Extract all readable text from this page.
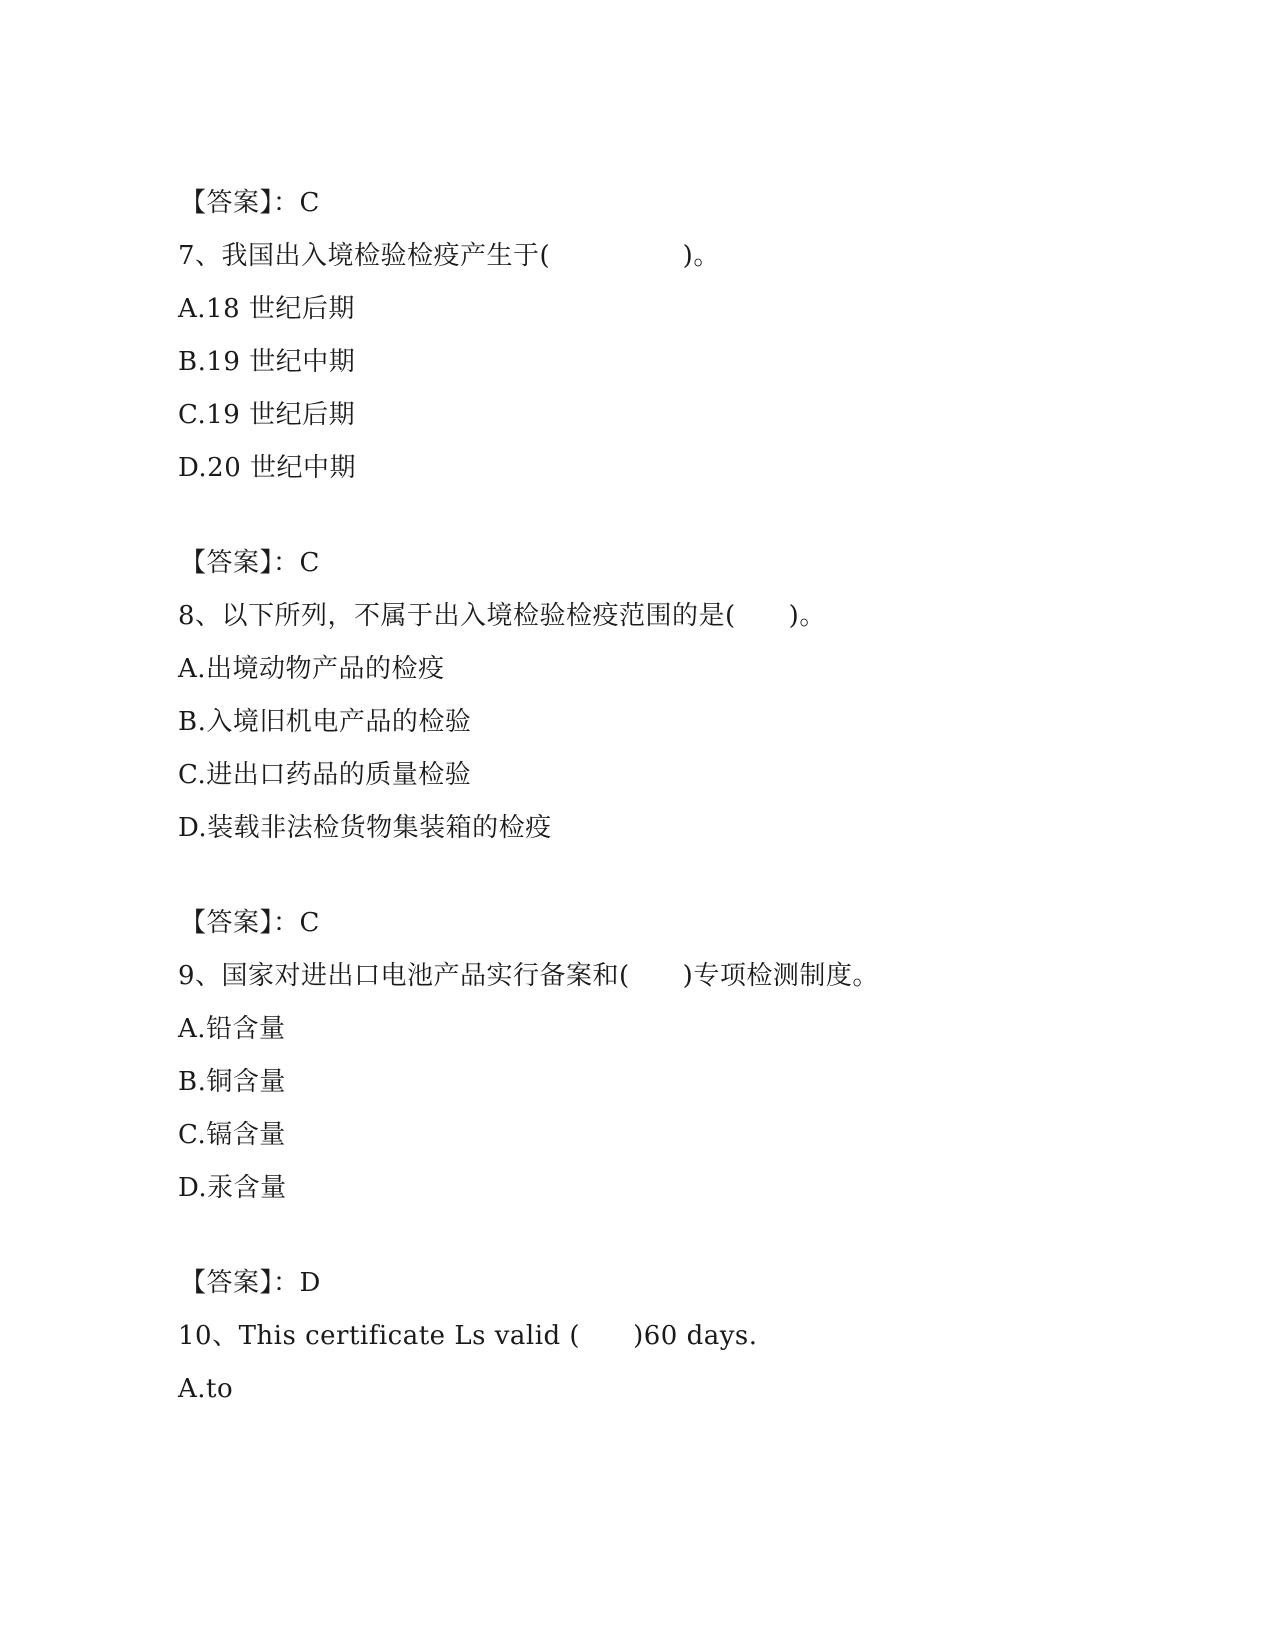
【答案】：C
7、我国出入境检验检疫产生于(　　　　　)。
A.18 世纪后期
B.19 世纪中期
C.19 世纪后期
D.20 世纪中期
【答案】：C
8、以下所列，不属于出入境检验检疫范围的是(　　)。
A.出境动物产品的检疫
B.入境旧机电产品的检验
C.进出口药品的质量检验
D.装载非法检货物集装箱的检疫
【答案】：C
9、国家对进出口电池产品实行备案和(　　)专项检测制度。
A.铅含量
B.铜含量
C.镉含量
D.汞含量
【答案】：D
10、This certificate Ls valid (　　)60 days.
A.to
